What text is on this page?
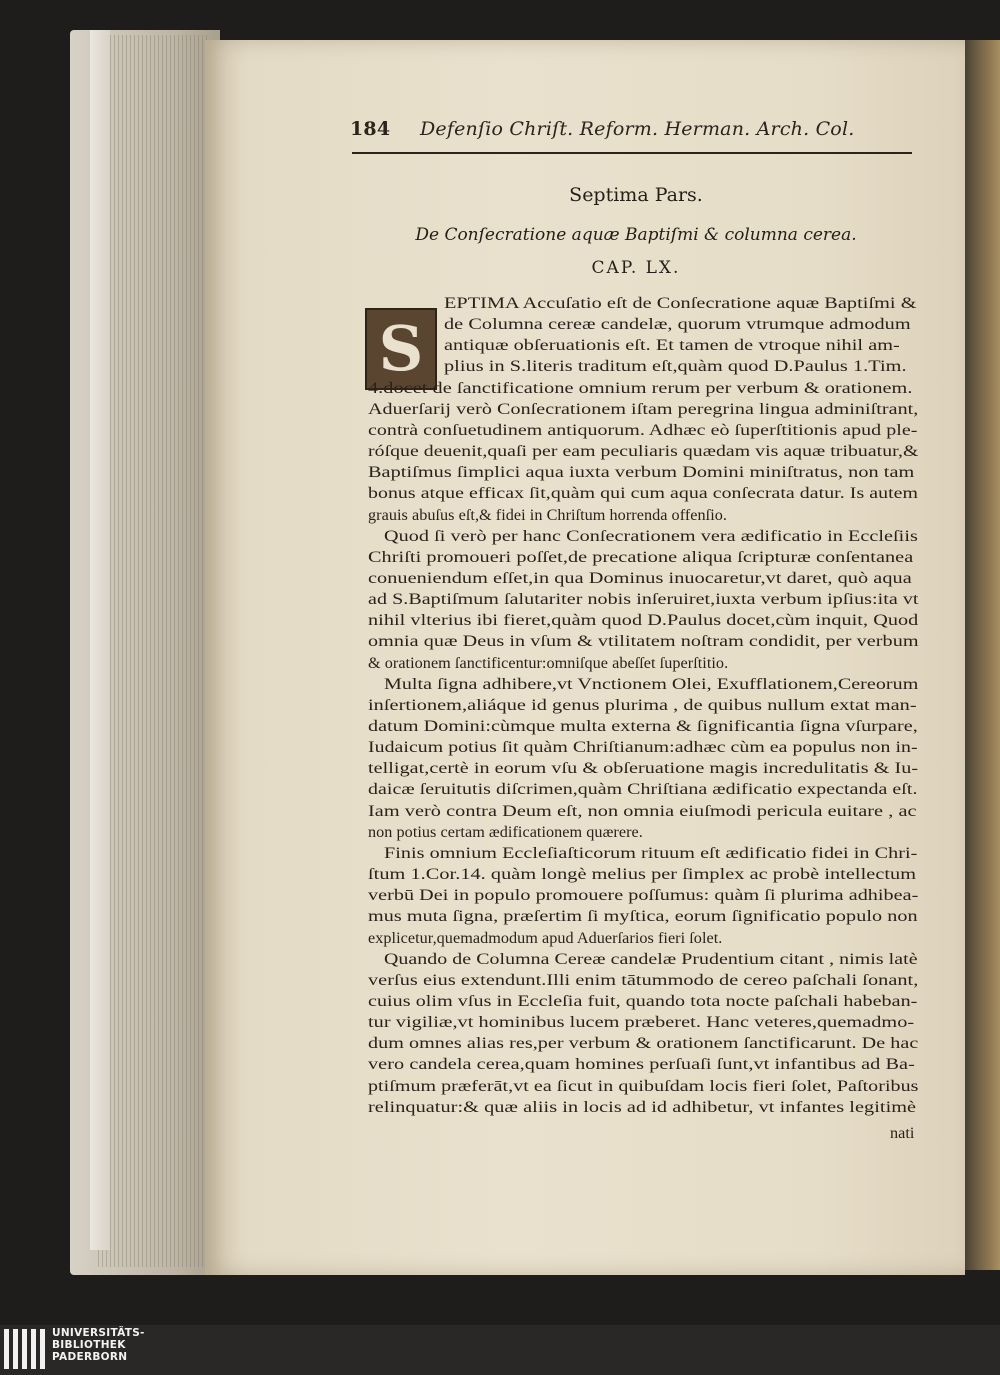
184 Defenſio Chriſt. Reform. Herman. Arch. Col.
Septima Pars.
De Conſecratione aquæ Baptiſmi & columna cerea.
CAP. LX.
S
EPTIMA Accuſatio eſt de Conſecratione aquæ Baptiſmi &
de Columna cereæ candelæ, quorum vtrumque admodum
antiquæ obſeruationis eſt. Et tamen de vtroque nihil am-
plius in S.literis traditum eſt,quàm quod D.Paulus 1.Tim.
4.docet de ſanctificatione omnium rerum per verbum & orationem.
Aduerſarij verò Conſecrationem iſtam peregrina lingua adminiſtrant,
contrà conſuetudinem antiquorum. Adhæc eò ſuperſtitionis apud ple-
róſque deuenit,quaſi per eam peculiaris quædam vis aquæ tribuatur,&
Baptiſmus ſimplici aqua iuxta verbum Domini miniſtratus, non tam
bonus atque efficax ſit,quàm qui cum aqua conſecrata datur. Is autem
grauis abuſus eſt,& fidei in Chriſtum horrenda offenſio.
Quod ſi verò per hanc Conſecrationem vera ædificatio in Eccleſiis
Chriſti promoueri poſſet,de precatione aliqua ſcripturæ conſentanea
conueniendum eſſet,in qua Dominus inuocaretur,vt daret, quò aqua
ad S.Baptiſmum ſalutariter nobis inſeruiret,iuxta verbum ipſius:ita vt
nihil vlterius ibi fieret,quàm quod D.Paulus docet,cùm inquit, Quod
omnia quæ Deus in vſum & vtilitatem noſtram condidit, per verbum
& orationem ſanctificentur:omniſque abeſſet ſuperſtitio.
Multa ſigna adhibere,vt Vnctionem Olei, Exufflationem,Cereorum
inſertionem,aliáque id genus plurima , de quibus nullum extat man-
datum Domini:cùmque multa externa & ſignificantia ſigna vſurpare,
Iudaicum potius ſit quàm Chriſtianum:adhæc cùm ea populus non in-
telligat,certè in eorum vſu & obſeruatione magis incredulitatis & Iu-
daicæ ſeruitutis diſcrimen,quàm Chriſtiana ædificatio expectanda eſt.
Iam verò contra Deum eſt, non omnia eiuſmodi pericula euitare , ac
non potius certam ædificationem quærere.
Finis omnium Eccleſiaſticorum rituum eſt ædificatio fidei in Chri-
ſtum 1.Cor.14. quàm longè melius per ſimplex ac probè intellectum
verbū Dei in populo promouere poſſumus: quàm ſi plurima adhibea-
mus muta ſigna, præſertim ſi myſtica, eorum ſignificatio populo non
explicetur,quemadmodum apud Aduerſarios fieri ſolet.
Quando de Columna Cereæ candelæ Prudentium citant , nimis latè
verſus eius extendunt.Illi enim tātummodo de cereo paſchali ſonant,
cuius olim vſus in Eccleſia fuit, quando tota nocte paſchali habeban-
tur vigiliæ,vt hominibus lucem præberet. Hanc veteres,quemadmo-
dum omnes alias res,per verbum & orationem ſanctificarunt. De hac
vero candela cerea,quam homines perſuaſi ſunt,vt infantibus ad Ba-
ptiſmum præferāt,vt ea ſicut in quibuſdam locis fieri ſolet, Paſtoribus
relinquatur:& quæ aliis in locis ad id adhibetur, vt infantes legitimè
nati
UNIVERSITÄTS-
BIBLIOTHEK
PADERBORN
